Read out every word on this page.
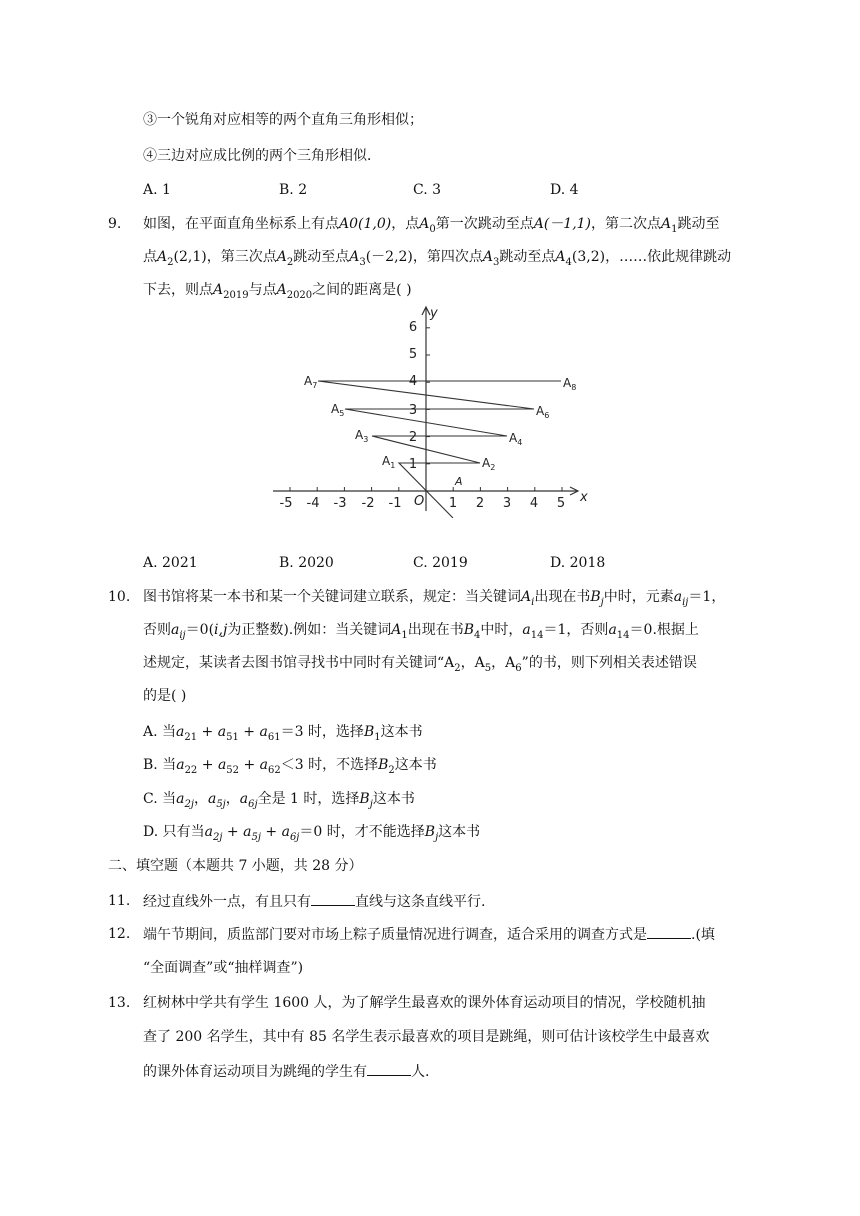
③一个锐角对应相等的两个直角三角形相似；
④三边对应成比例的两个三角形相似．
A. 1	B. 2	C. 3	D. 4
9. 如图，在平面直角坐标系上有点A0(1,0)，点$A_0$第一次跳动至点A(－1,1)，第二次点$A_1$跳动至
点$A_2(2,1)$，第三次点$A_2$跳动至点$A_3(-2,2)$，第四次点$A_3$跳动至点$A_4(3,2)$，……依此规律跳动
下去，则点$A_{2019}$与点$A_{2020}$之间的距离是( )
-5 -4 -3 -2 -1	1 2 3 4 5
1
2
3
4
5
6
x
y
O
A
$A_1$	$A_2$
$A_3$	$A_4$
$A_5$	$A_6$
$A_7$	$A_8$
A. 2021	B. 2020	C. 2019	D. 2018
10. 图书馆将某一本书和某一个关键词建立联系，规定：当关键词$A_i$出现在书$B_j$中时，元素$a_{ij}=1$，
否则$a_{ij}=0(i,j$为正整数).例如：当关键词$A_1$出现在书$B_4$中时，$a_{14}=1$，否则$a_{14}=0$.根据上
述规定，某读者去图书馆寻找书中同时有关键词“$A_2$，$A_5$，$A_6$”的书，则下列相关表述错误
的是( )
A. 当$a_{21} + a_{51} + a_{61}=3$ 时，选择$B_1$这本书
B. 当$a_{22} + a_{52} + a_{62}<3$ 时，不选择$B_2$这本书
C. 当$a_{2j}$，$a_{5j}$，$a_{6j}$全是 1 时，选择$B_j$这本书
D. 只有当$a_{2j} + a_{5j} + a_{6j}=0$ 时，才不能选择$B_j$这本书
二、填空题（本题共 7 小题，共 28 分）
11. 经过直线外一点，有且只有	直线与这条直线平行.
12. 端午节期间，质监部门要对市场上粽子质量情况进行调查，适合采用的调查方式是	.(填
“全面调查”或“抽样调查”)
13. 红树林中学共有学生 1600 人，为了解学生最喜欢的课外体育运动项目的情况，学校随机抽
查了 200 名学生，其中有 85 名学生表示最喜欢的项目是跳绳，则可估计该校学生中最喜欢
的课外体育运动项目为跳绳的学生有	人.
